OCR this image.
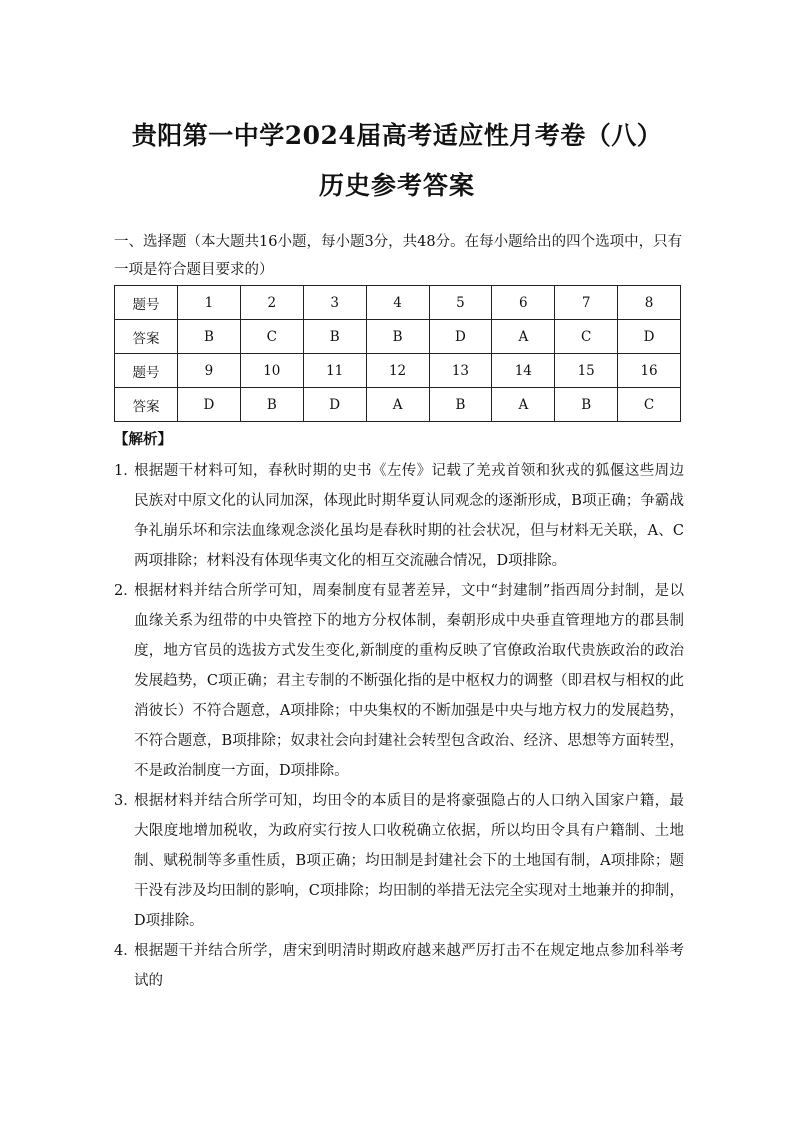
贵阳第一中学2024届高考适应性月考卷（八）
历史参考答案

一、选择题（本大题共16小题，每小题3分，共48分。在每小题给出的四个选项中，只有一项是符合题目要求的）

题号	1	2	3	4	5	6	7	8
答案	B	C	B	B	D	A	C	D
题号	9	10	11	12	13	14	15	16
答案	D	B	D	A	B	A	B	C

【解析】

1．
根据题干材料可知，春秋时期的史书《左传》记载了羌戎首领和狄戎的狐偃这些周边民族对中原文化的认同加深，体现此时期华夏认同观念的逐渐形成，B项正确；争霸战争礼崩乐坏和宗法血缘观念淡化虽均是春秋时期的社会状况，但与材料无关联，A、C两项排除；材料没有体现华夷文化的相互交流融合情况，D项排除。
2．
根据材料并结合所学可知，周秦制度有显著差异，文中“封建制”指西周分封制，是以血缘关系为纽带的中央管控下的地方分权体制，秦朝形成中央垂直管理地方的郡县制度，地方官员的选拔方式发生变化,新制度的重构反映了官僚政治取代贵族政治的政治发展趋势，C项正确；君主专制的不断强化指的是中枢权力的调整（即君权与相权的此消彼长）不符合题意，A项排除；中央集权的不断加强是中央与地方权力的发展趋势，不符合题意，B项排除；奴隶社会向封建社会转型包含政治、经济、思想等方面转型，不是政治制度一方面，D项排除。
3．
根据材料并结合所学可知，均田令的本质目的是将豪强隐占的人口纳入国家户籍，最大限度地增加税收，为政府实行按人口收税确立依据，所以均田令具有户籍制、土地制、赋税制等多重性质，B项正确；均田制是封建社会下的土地国有制，A项排除；题干没有涉及均田制的影响，C项排除；均田制的举措无法完全实现对土地兼并的抑制，D项排除。
4．
根据题干并结合所学，唐宋到明清时期政府越来越严厉打击不在规定地点参加科举考试的
